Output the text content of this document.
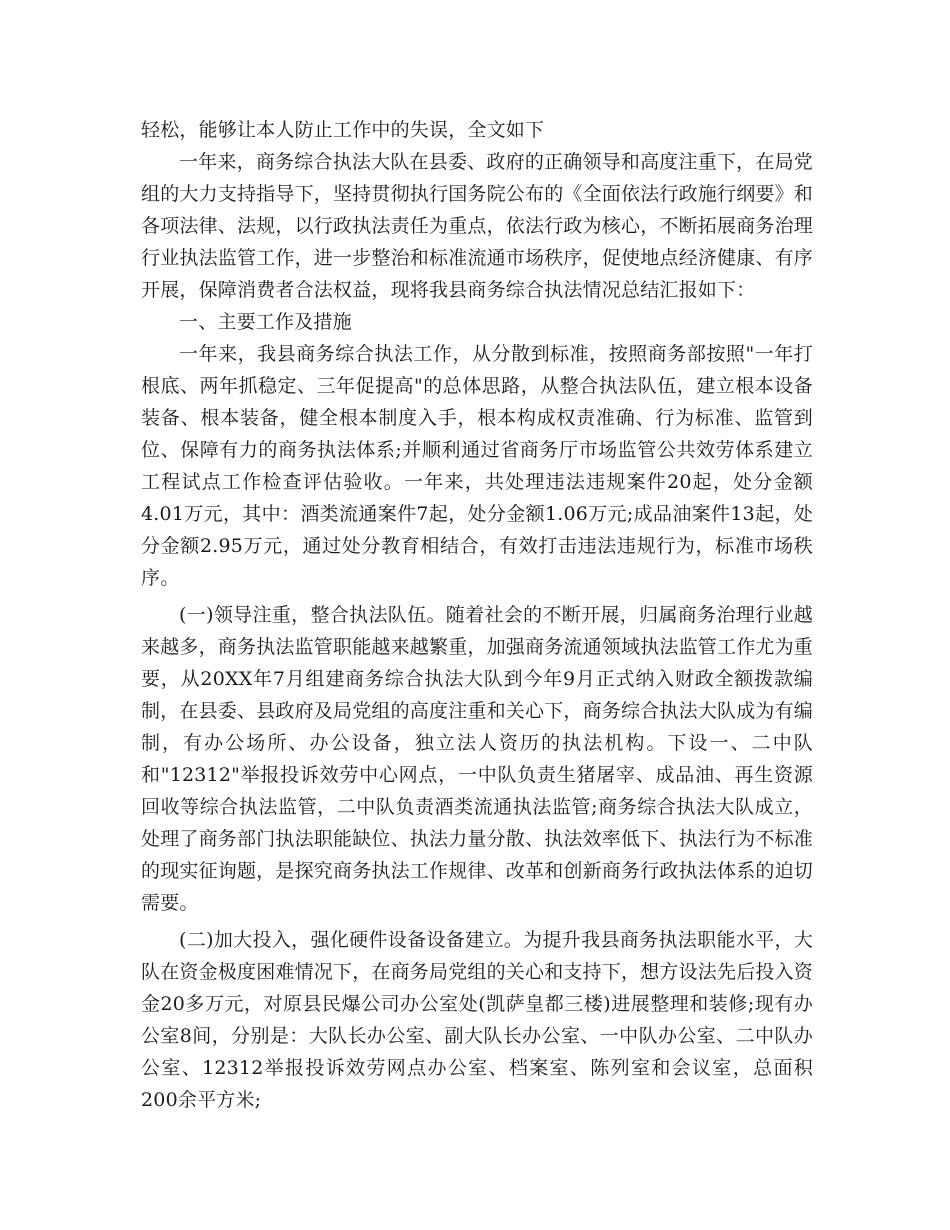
轻松，能够让本人防止工作中的失误，全文如下

一年来，商务综合执法大队在县委、政府的正确领导和高度注重下，在局党组的大力支持指导下，坚持贯彻执行国务院公布的《全面依法行政施行纲要》和各项法律、法规，以行政执法责任为重点，依法行政为核心，不断拓展商务治理行业执法监管工作，进一步整治和标准流通市场秩序，促使地点经济健康、有序开展，保障消费者合法权益，现将我县商务综合执法情况总结汇报如下：

一、主要工作及措施

一年来，我县商务综合执法工作，从分散到标准，按照商务部按照"一年打根底、两年抓稳定、三年促提高"的总体思路，从整合执法队伍，建立根本设备装备、根本装备，健全根本制度入手，根本构成权责准确、行为标准、监管到位、保障有力的商务执法体系;并顺利通过省商务厅市场监管公共效劳体系建立工程试点工作检查评估验收。一年来，共处理违法违规案件20起，处分金额4.01万元，其中：酒类流通案件7起，处分金额1.06万元;成品油案件13起，处分金额2.95万元，通过处分教育相结合，有效打击违法违规行为，标准市场秩序。

(一)领导注重，整合执法队伍。随着社会的不断开展，归属商务治理行业越来越多，商务执法监管职能越来越繁重，加强商务流通领域执法监管工作尤为重要，从20XX年7月组建商务综合执法大队到今年9月正式纳入财政全额拨款编制，在县委、县政府及局党组的高度注重和关心下，商务综合执法大队成为有编制，有办公场所、办公设备，独立法人资历的执法机构。下设一、二中队和"12312"举报投诉效劳中心网点，一中队负责生猪屠宰、成品油、再生资源回收等综合执法监管，二中队负责酒类流通执法监管;商务综合执法大队成立，处理了商务部门执法职能缺位、执法力量分散、执法效率低下、执法行为不标准的现实征询题，是探究商务执法工作规律、改革和创新商务行政执法体系的迫切需要。

(二)加大投入，强化硬件设备设备建立。为提升我县商务执法职能水平，大队在资金极度困难情况下，在商务局党组的关心和支持下，想方设法先后投入资金20多万元，对原县民爆公司办公室处(凯萨皇都三楼)进展整理和装修;现有办公室8间，分别是：大队长办公室、副大队长办公室、一中队办公室、二中队办公室、12312举报投诉效劳网点办公室、档案室、陈列室和会议室，总面积200余平方米;
